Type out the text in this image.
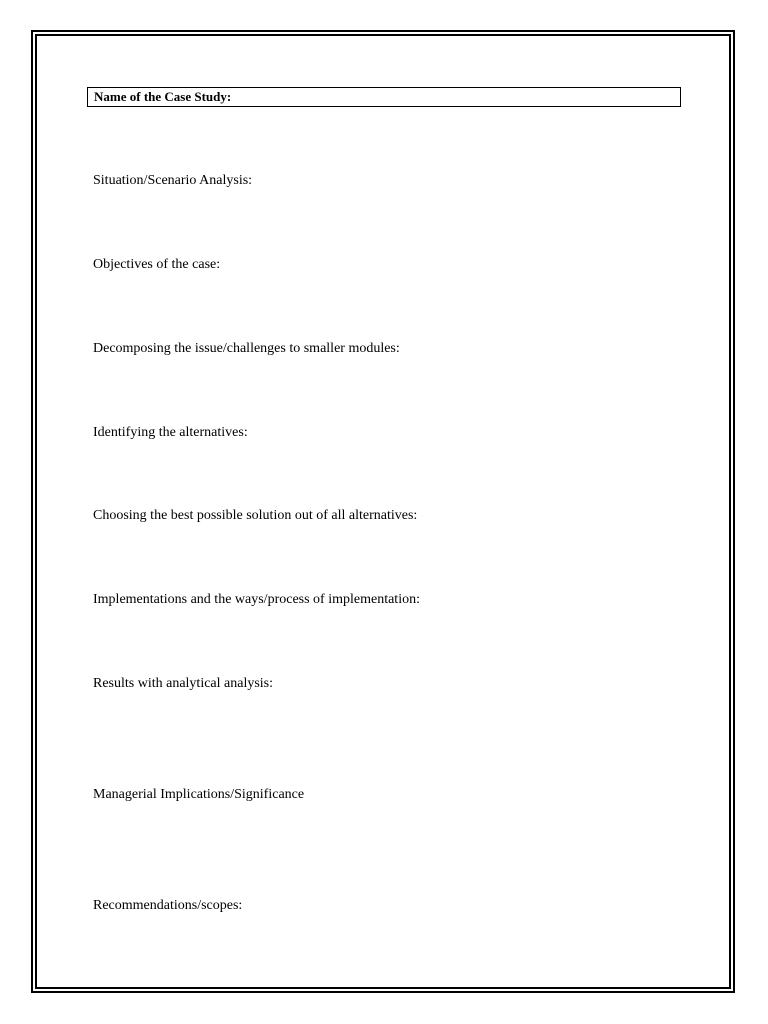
Name of the Case Study:
Situation/Scenario Analysis:
Objectives of the case:
Decomposing the issue/challenges to smaller modules:
Identifying the alternatives:
Choosing the best possible solution out of all alternatives:
Implementations and the ways/process of implementation:
Results with analytical analysis:
Managerial Implications/Significance
Recommendations/scopes:
